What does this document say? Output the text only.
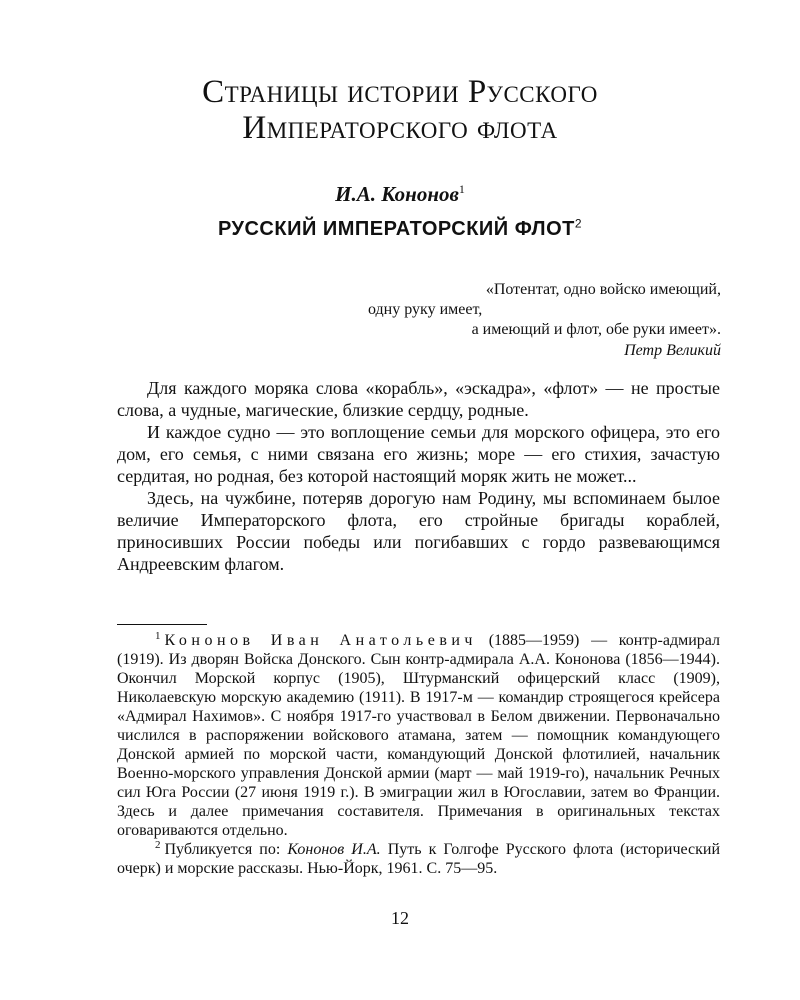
Страницы истории Русского
Императорского флота
И.А. Кононов$^1$
РУССКИЙ ИМПЕРАТОРСКИЙ ФЛОТ$^2$
«Потентат, одно войско имеющий,
одну руку имеет,
а имеющий и флот, обе руки имеет».
Петр Великий

Для каждого моряка слова «корабль», «эскадра», «флот» — не простые слова, а чудные, магические, близкие сердцу, родные.

И каждое судно — это воплощение семьи для морского офицера, это его дом, его семья, с ними связана его жизнь; море — его стихия, зачастую сердитая, но родная, без которой настоящий моряк жить не может...

Здесь, на чужбине, потеряв дорогую нам Родину, мы вспоминаем былое величие Императорского флота, его стройные бригады кораблей, приносивших России победы или погибавших с гордо развевающимся Андреевским флагом.

$^1$ Кононов Иван Анатольевич (1885—1959) — контр-адмирал (1919). Из дворян Войска Донского. Сын контр-адмирала А.А. Кононова (1856—1944). Окончил Морской корпус (1905), Штурманский офицерский класс (1909), Николаевскую морскую академию (1911). В 1917-м — командир строящегося крейсера «Адмирал Нахимов». С ноября 1917-го участвовал в Белом движении. Первоначально числился в распоряжении войскового атамана, затем — помощник командующего Донской армией по морской части, командующий Донской флотилией, начальник Военно-морского управления Донской армии (март — май 1919-го), начальник Речных сил Юга России (27 июня 1919 г.). В эмиграции жил в Югославии, затем во Франции. Здесь и далее примечания составителя. Примечания в оригинальных текстах оговариваются отдельно.

$^2$ Публикуется по: Кононов И.А. Путь к Голгофе Русского флота (исторический очерк) и морские рассказы. Нью-Йорк, 1961. С. 75—95.

12
